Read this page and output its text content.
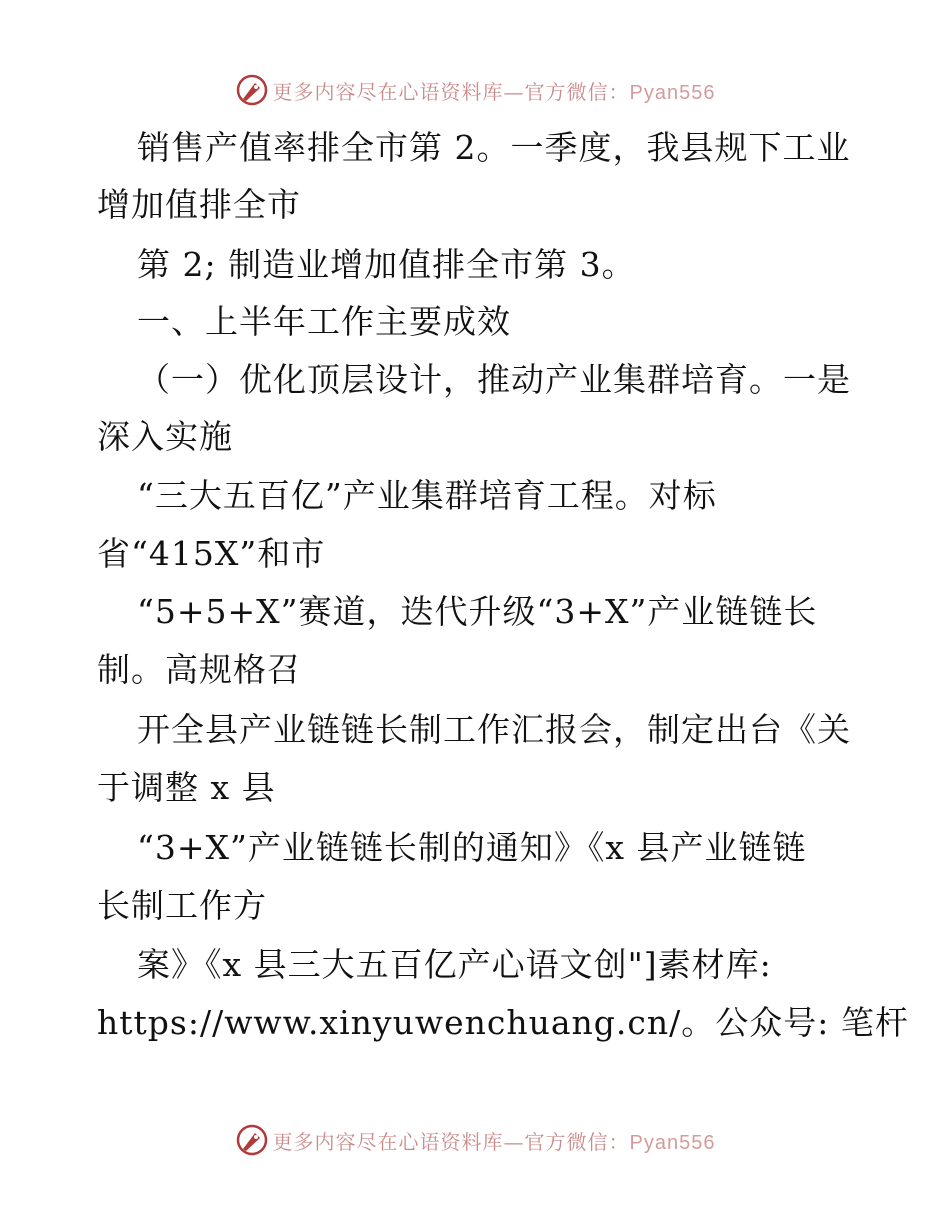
更多内容尽在心语资料库—官方微信：Pyan556
销售产值率排全市第 2。一季度，我县规下工业
增加值排全市
第 2; 制造业增加值排全市第 3。
一、上半年工作主要成效
（一）优化顶层设计，推动产业集群培育。一是
深入实施
“三大五百亿”产业集群培育工程。对标
省“415X”和市
“5+5+X”赛道，迭代升级“3+X”产业链链长
制。高规格召
开全县产业链链长制工作汇报会，制定出台《关
于调整 x 县
“3+X”产业链链长制的通知》《x 县产业链链
长制工作方
案》《x 县三大五百亿产心语文创"]素材库:
https://www.xinyuwenchuang.cn/。公众号: 笔杆
更多内容尽在心语资料库—官方微信：Pyan556
